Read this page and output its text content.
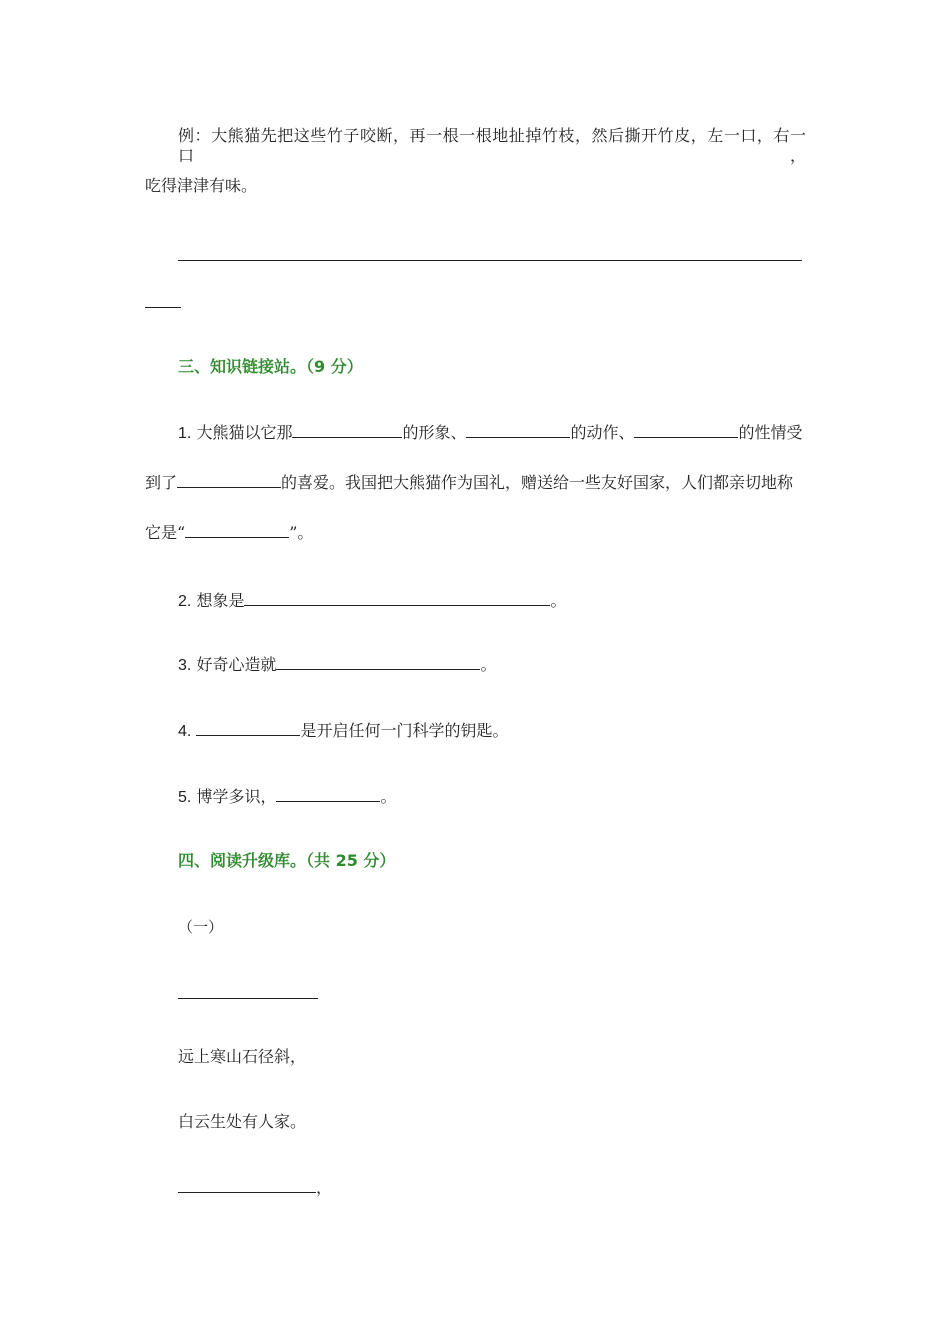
例：大熊猫先把这些竹子咬断，再一根一根地扯掉竹枝，然后撕开竹皮，左一口，右一口，
吃得津津有味。
三、知识链接站。（9 分）
1. 大熊猫以它那	的形象、	的动作、	的性情受
到了	的喜爱。我国把大熊猫作为国礼，赠送给一些友好国家，人们都亲切地称
它是“	”。
2. 想象是	。
3. 好奇心造就	。
4.	是开启任何一门科学的钥匙。
5. 博学多识，	。
四、阅读升级库。（共 25 分）
（一）
远上寒山石径斜，
白云生处有人家。
，
